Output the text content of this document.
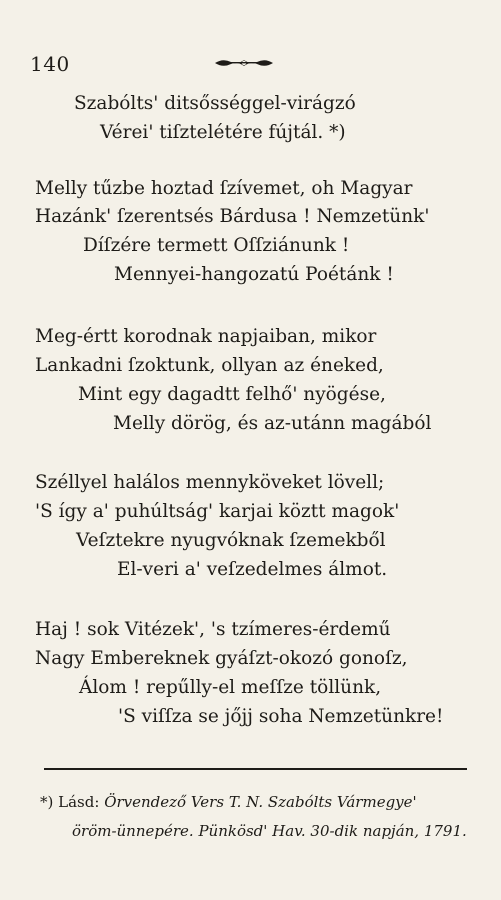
140
Szabólts' ditsősséggel-virágzó
Vérei' tiſztelétére fújtál. *)
Melly tűzbe hoztad ſzívemet, oh Magyar
Hazánk' ſzerentsés Bárdusa ! Nemzetünk'
Díſzére termett Oſſziánunk !
Mennyei-hangozatú Poétánk !
Meg-értt korodnak napjaiban, mikor
Lankadni ſzoktunk, ollyan az éneked,
Mint egy dagadtt felhő' nyögése,
Melly dörög, és az-utánn magából
Széllyel halálos mennyköveket lövell;
'S így a' puhúltság' karjai köztt magok'
Veſztekre nyugvóknak ſzemekből
El-veri a' veſzedelmes álmot.
Haj ! sok Vitézek', 's tzímeres-érdemű
Nagy Embereknek gyáſzt-okozó gonoſz,
Álom ! repűlly-el meſſze töllünk,
'S viſſza se jőjj soha Nemzetünkre!
*) Lásd: Örvendező Vers T. N. Szabólts Vármegye'
öröm-ünnepére. Pünkösd' Hav. 30-dik napján, 1791.
